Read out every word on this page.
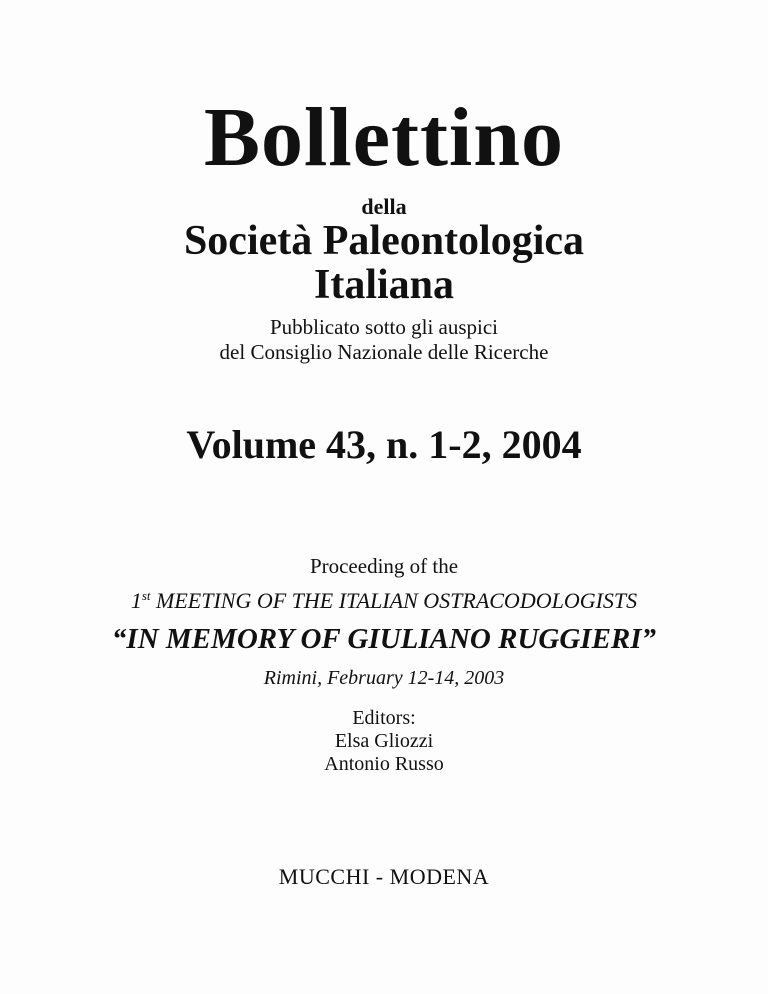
Bollettino
della
Società Paleontologica
Italiana
Pubblicato sotto gli auspici
del Consiglio Nazionale delle Ricerche
Volume 43, n. 1-2, 2004
Proceeding of the
1st MEETING OF THE ITALIAN OSTRACODOLOGISTS
“IN MEMORY OF GIULIANO RUGGIERI”
Rimini, February 12-14, 2003
Editors:
Elsa Gliozzi
Antonio Russo
MUCCHI - MODENA
